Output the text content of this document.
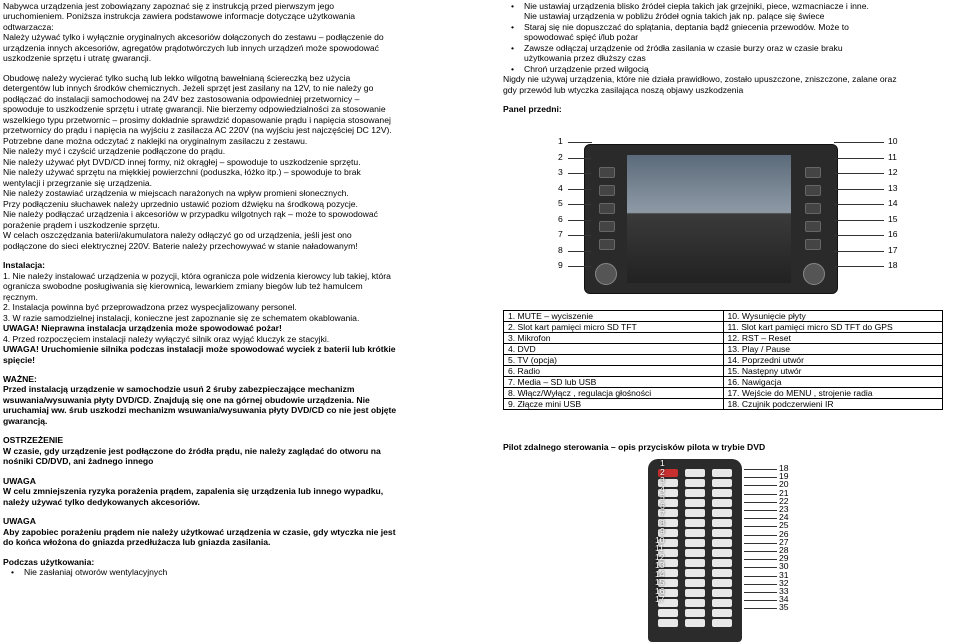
Nabywca urządzenia jest zobowiązany zapoznać się z instrukcją przed pierwszym jego

uruchomieniem. Poniższa instrukcja zawiera podstawowe informacje dotyczące użytkowania

odtwarzacza:

Należy używać tylko i wyłącznie oryginalnych akcesoriów dołączonych do zestawu – podłączenie do

urządzenia innych akcesoriów, agregatów prądotwórczych lub innych urządzeń może spowodować

uszkodzenie sprzętu i utratę gwarancji.

Obudowę należy wycierać tylko suchą lub lekko wilgotną bawełnianą ściereczką bez użycia

detergentów lub innych środków chemicznych. Jeżeli sprzęt jest zasilany na 12V, to nie należy go

podłączać do instalacji samochodowej na 24V bez zastosowania odpowiedniej przetwornicy –

spowoduje to uszkodzenie sprzętu i utratę gwarancji. Nie bierzemy odpowiedzialności za stosowanie

wszelkiego typu przetwornic – prosimy dokładnie sprawdzić dopasowanie prądu i napięcia stosowanej

przetwornicy do prądu i napięcia na wyjściu z zasilacza AC 220V (na wyjściu jest najczęściej DC 12V).

Potrzebne dane można odczytać z naklejki na oryginalnym zasilaczu z zestawu.

Nie należy myć i czyścić urządzenie podłączone do prądu.

Nie należy używać płyt DVD/CD innej formy, niż okrągłej – spowoduje to uszkodzenie sprzętu.

Nie należy używać sprzętu na miękkiej powierzchni (poduszka, łóżko itp.) – spowoduje to brak

wentylacji i przegrzanie się urządzenia.

Nie należy zostawiać urządzenia w miejscach narażonych na wpływ promieni słonecznych.

Przy podłączeniu słuchawek należy uprzednio ustawić poziom dźwięku na środkową pozycje.

Nie należy podłączać urządzenia i akcesoriów w przypadku wilgotnych rąk – może to spowodować

porażenie prądem i uszkodzenie sprzętu.

W celach oszczędzania baterii/akumulatora należy odłączyć go od urządzenia, jeśli jest ono

podłączone do sieci elektrycznej 220V. Baterie należy przechowywać w stanie naładowanym!

Instalacja:

1. Nie należy instalować urządzenia w pozycji, która ogranicza pole widzenia kierowcy lub takiej, która

ogranicza swobodne posługiwania się kierownicą, lewarkiem zmiany biegów lub też hamulcem

ręcznym.

2. Instalacja powinna być przeprowadzona przez wyspecjalizowany personel.

3. W razie samodzielnej instalacji, konieczne jest zapoznanie się ze schematem okablowania.

UWAGA! Nieprawna instalacja urządzenia może spowodować pożar!

4. Przed rozpoczęciem instalacji należy wyłączyć silnik oraz wyjąć kluczyk ze stacyjki.

UWAGA! Uruchomienie silnika podczas instalacji może spowodować wyciek z baterii lub krótkie

spięcie!

WAŻNE:

Przed instalacją urządzenie w samochodzie usuń 2 śruby zabezpieczające mechanizm

wsuwania/wysuwania płyty DVD/CD. Znajdują się one na górnej obudowie urządzenia. Nie

uruchamiaj ww. śrub uszkodzi mechanizm wsuwania/wysuwania płyty DVD/CD co nie jest objęte

gwarancją.

OSTRZEŻENIE

W czasie, gdy urządzenie jest podłączone do źródła prądu, nie należy zaglądać do otworu na

nośniki CD/DVD, ani żadnego innego

UWAGA

W celu zmniejszenia ryzyka porażenia prądem, zapalenia się urządzenia lub innego wypadku,

należy używać tylko dedykowanych akcesoriów.

UWAGA

Aby zapobiec porażeniu prądem nie należy użytkować urządzenia w czasie, gdy wtyczka nie jest

do końca włożona do gniazda przedłużacza lub gniazda zasilania.

Podczas użytkowania:

• Nie zasłaniaj otworów wentylacyjnych
• Nie ustawiaj urządzenia blisko źródeł ciepła takich jak grzejniki, piece, wzmacniacze i inne.

Nie ustawiaj urządzenia w pobliżu źródeł ognia takich jak np. palące się świece

• Staraj się nie dopuszczać do splątania, deptania bądź gniecenia przewodów. Może to

spowodować spięć i/lub pożar

• Zawsze odłączaj urządzenie od źródła zasilania w czasie burzy oraz w czasie braku

użytkowania przez dłuższy czas

• Chroń urządzenie przed wilgocią

Nigdy nie używaj urządzenia, które nie działa prawidłowo, zostało upuszczone, zniszczone, zalane oraz

gdy przewód lub wtyczka zasilająca noszą objawy uszkodzenia

Panel przedni:

1
2
3
4
5
6
7
8
9
10
11
12
13
14
15
16
17
18
1. MUTE – wyciszenie	10. Wysunięcie płyty
2. Slot kart pamięci micro SD TFT	11. Slot kart pamięci micro SD TFT do GPS
3. Mikrofon	12. RST – Reset
4. DVD	13. Play / Pause
5. TV (opcja)	14. Poprzedni utwór
6. Radio	15. Następny utwór
7. Media – SD lub USB	16. Nawigacja
8. Włącz/Wyłącz , regulacja głośności	17. Wejście do MENU , strojenie radia
9. Złącze mini USB	18. Czujnik podczerwieni IR

Pilot zdalnego sterowania – opis przycisków pilota w trybie DVD

1
2
3
4
5
6
7
8
9
10
11
12
13
14
15
16
17
18
19
20
21
22
23
24
25
26
27
28
29
30
31
32
33
34
35
